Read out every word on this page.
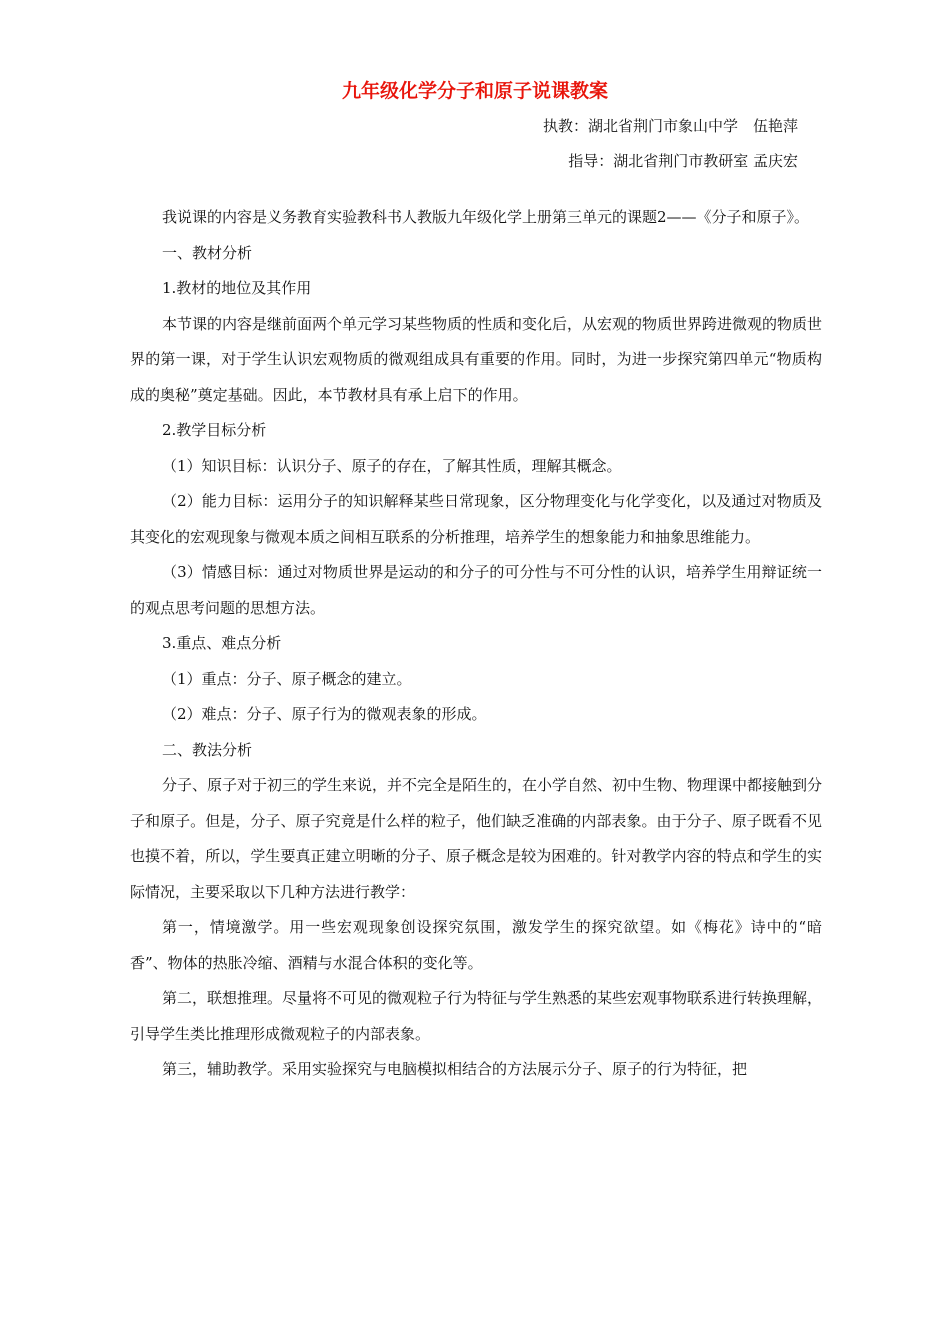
九年级化学分子和原子说课教案
执教：湖北省荆门市象山中学　伍艳萍
指导：湖北省荆门市教研室 孟庆宏

我说课的内容是义务教育实验教科书人教版九年级化学上册第三单元的课题2——《分子和原子》。

一、教材分析

1.教材的地位及其作用

本节课的内容是继前面两个单元学习某些物质的性质和变化后，从宏观的物质世界跨进微观的物质世界的第一课，对于学生认识宏观物质的微观组成具有重要的作用。同时，为进一步探究第四单元“物质构成的奥秘”奠定基础。因此，本节教材具有承上启下的作用。

2.教学目标分析

（1）知识目标：认识分子、原子的存在，了解其性质，理解其概念。

（2）能力目标：运用分子的知识解释某些日常现象，区分物理变化与化学变化，以及通过对物质及其变化的宏观现象与微观本质之间相互联系的分析推理，培养学生的想象能力和抽象思维能力。

（3）情感目标：通过对物质世界是运动的和分子的可分性与不可分性的认识，培养学生用辩证统一的观点思考问题的思想方法。

3.重点、难点分析

（1）重点：分子、原子概念的建立。

（2）难点：分子、原子行为的微观表象的形成。

二、教法分析

分子、原子对于初三的学生来说，并不完全是陌生的，在小学自然、初中生物、物理课中都接触到分子和原子。但是，分子、原子究竟是什么样的粒子，他们缺乏准确的内部表象。由于分子、原子既看不见也摸不着，所以，学生要真正建立明晰的分子、原子概念是较为困难的。针对教学内容的特点和学生的实际情况，主要采取以下几种方法进行教学：

第一，情境激学。用一些宏观现象创设探究氛围，激发学生的探究欲望。如《梅花》诗中的“暗香”、物体的热胀冷缩、酒精与水混合体积的变化等。

第二，联想推理。尽量将不可见的微观粒子行为特征与学生熟悉的某些宏观事物联系进行转换理解，引导学生类比推理形成微观粒子的内部表象。

第三，辅助教学。采用实验探究与电脑模拟相结合的方法展示分子、原子的行为特征，把
